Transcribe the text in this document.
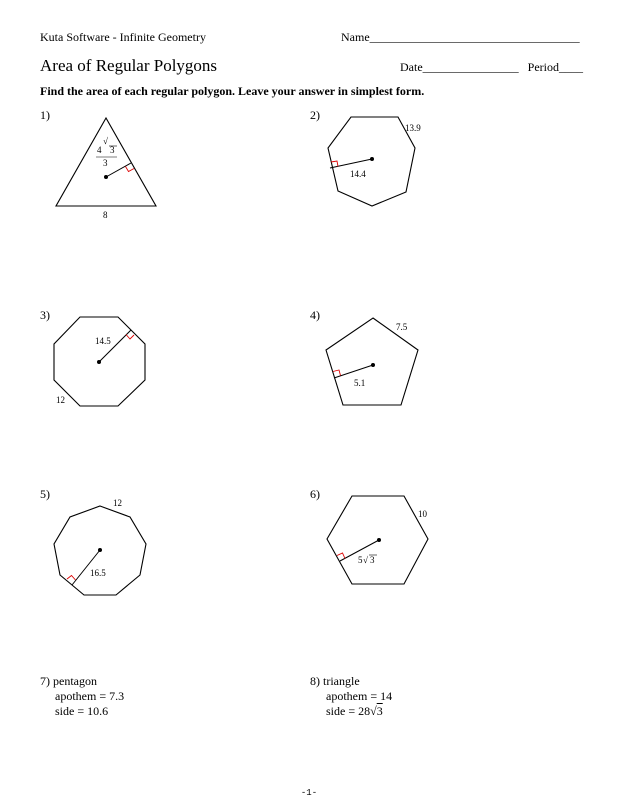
Kuta Software - Infinite Geometry	Name___________________________________
Area of Regular Polygons	Date________________ Period____
Find the area of each regular polygon. Leave your answer in simplest form.
1)
4
√
3
3
8
2)
13.9
14.4
3)
14.5
12
4)
7.5
5.1
5)
12
16.5
6)
10
5 √ 3
7) pentagon
apothem = 7.3
side = 10.6
8) triangle
apothem = 14
side = 28√3
-1-
